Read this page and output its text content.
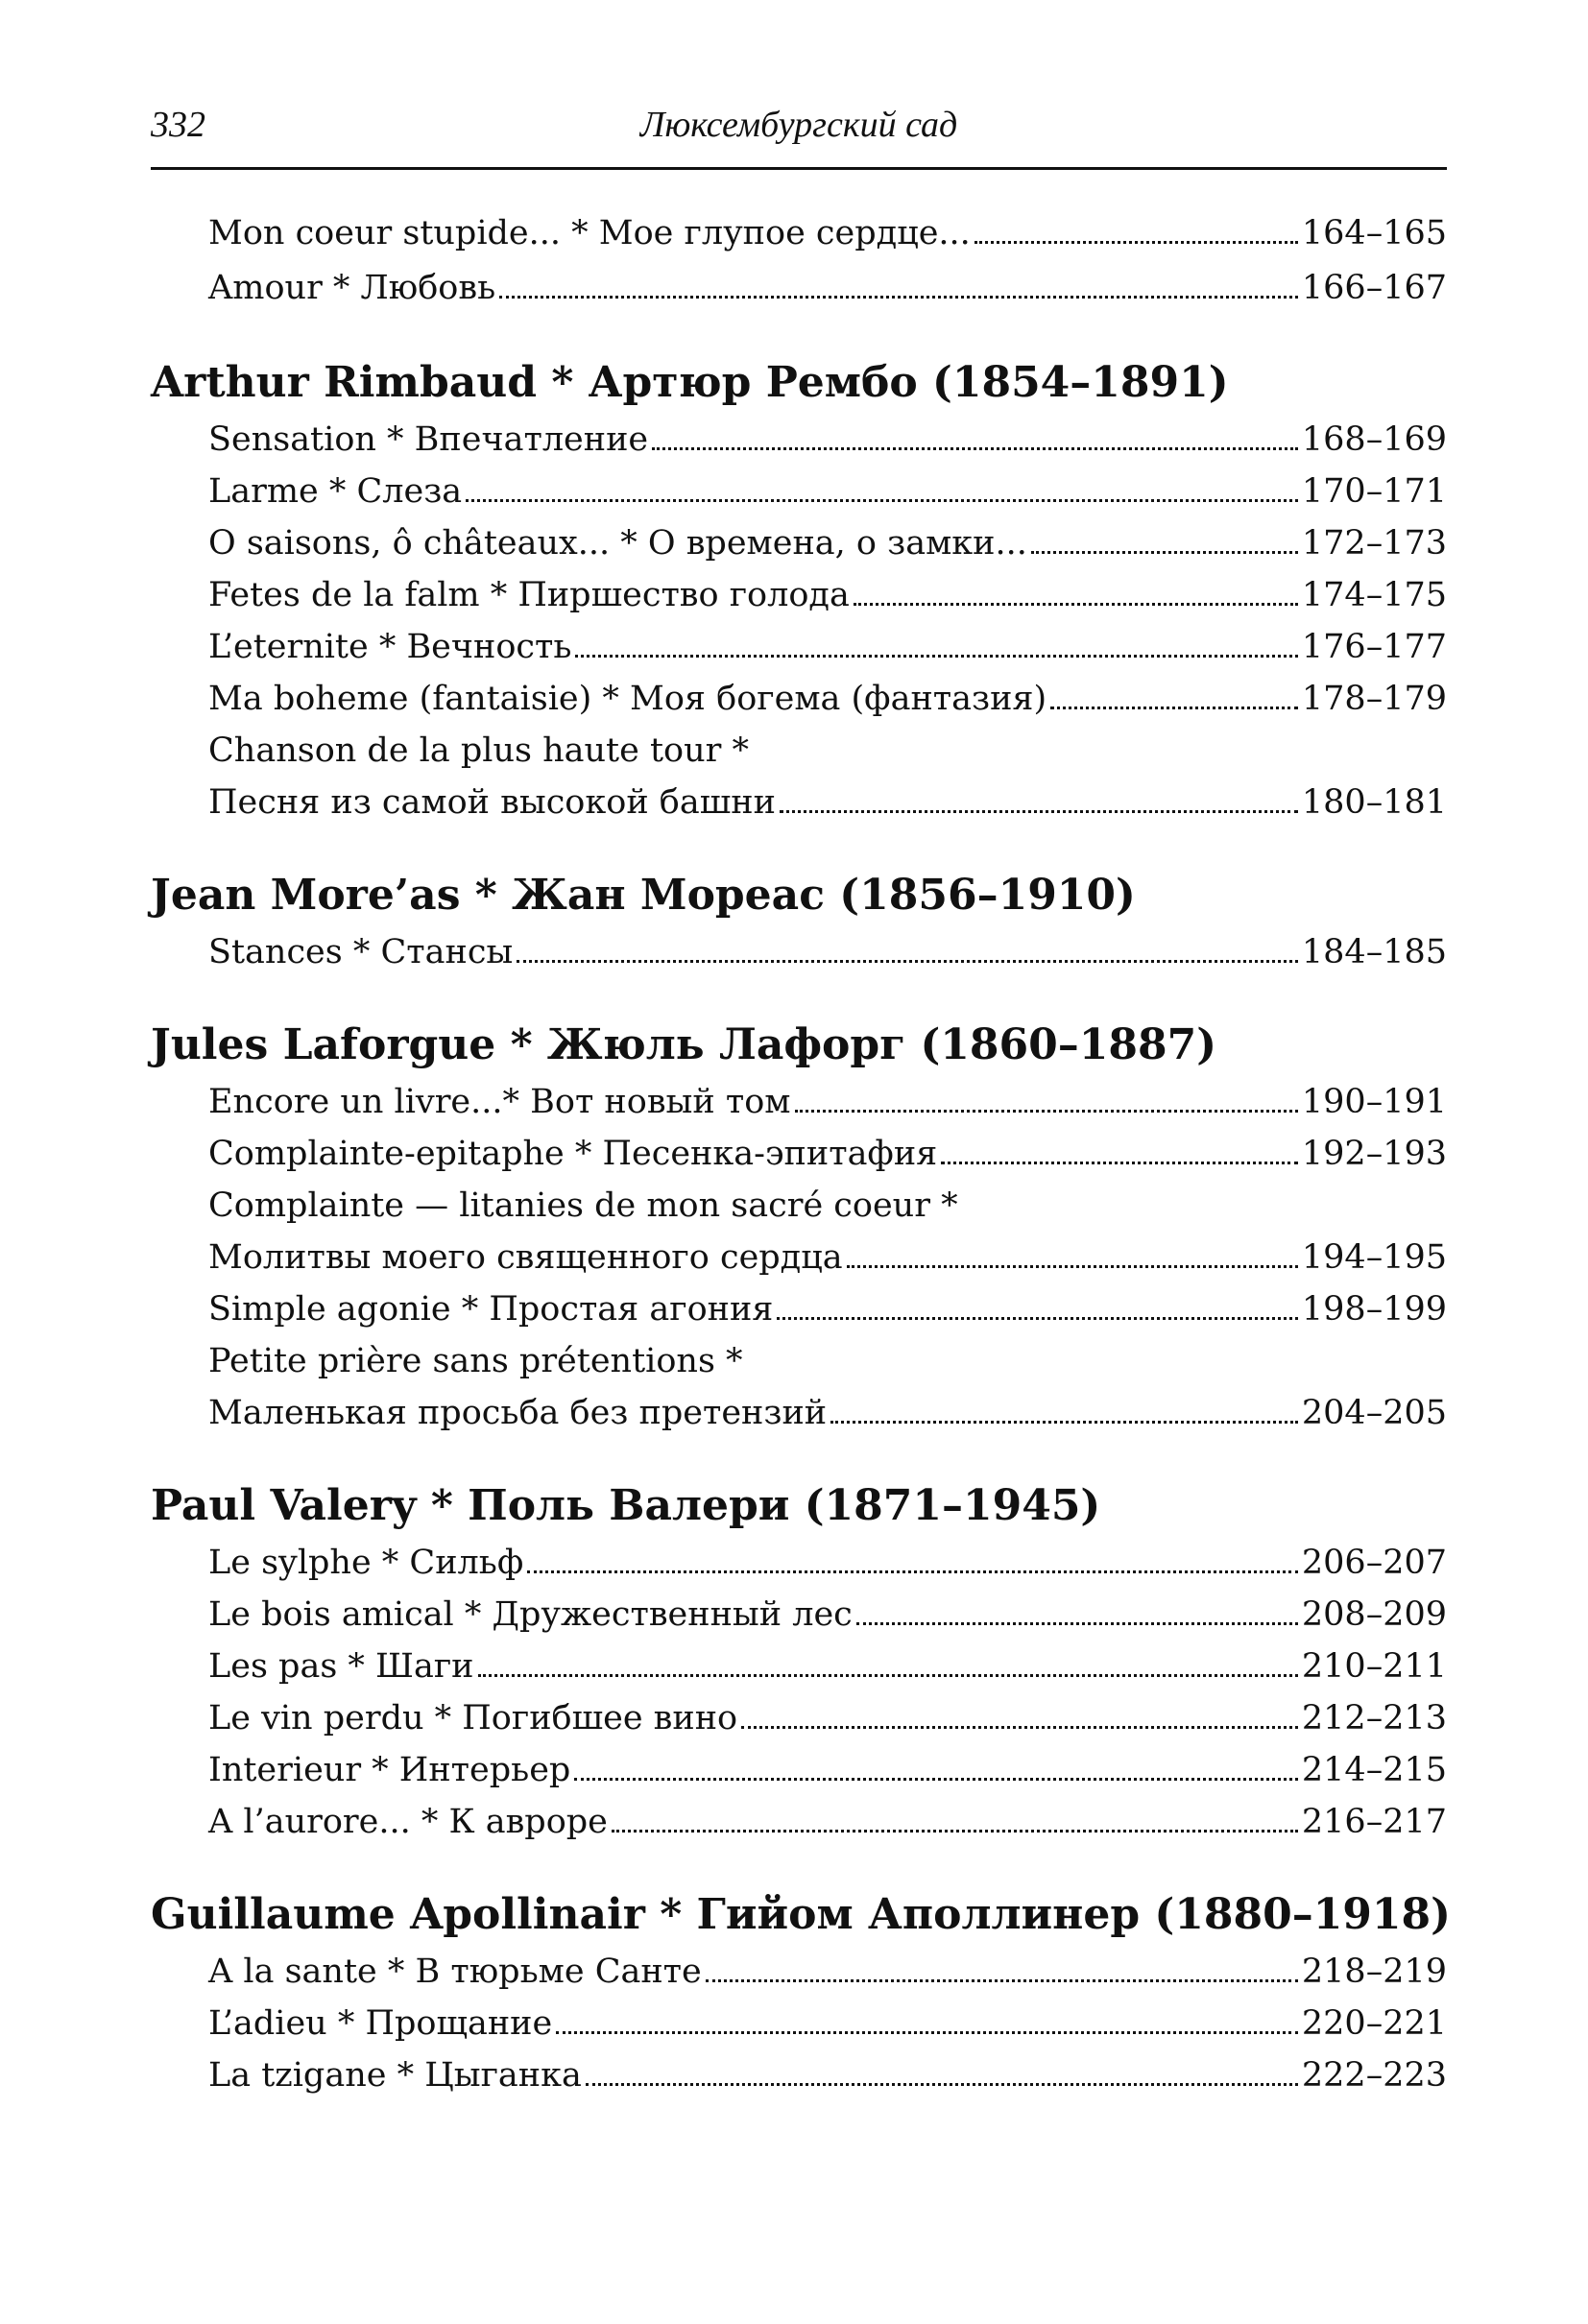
332	Люксембургский сад
Mon coeur stupide... * Мое глупое сердце...	164–165
Amour * Любовь	166–167
Arthur Rimbaud * Артюр Рембо (1854–1891)
Sensation * Впечатление	168–169
Larme * Слеза	170–171
O saisons, ô châteaux... * О времена, о замки...	172–173
Fetes de la falm * Пиршество голода	174–175
L’eternite * Вечность	176–177
Ma boheme (fantaisie) * Моя богема (фантазия)	178–179
Chanson de la plus haute tour *
Песня из самой высокой башни	180–181
Jean More’as * Жан Мореас (1856–1910)
Stances * Стансы	184–185
Jules Laforgue * Жюль Лафорг (1860–1887)
Encore un livre...* Вот новый том	190–191
Complainte-epitaphe * Песенка-эпитафия	192–193
Complainte — litanies de mon sacré coeur *
Молитвы моего священного сердца	194–195
Simple agonie * Простая агония	198–199
Petite prière sans prétentions *
Маленькая просьба без претензий	204–205
Paul Valery * Поль Валери (1871–1945)
Le sylphe * Сильф	206–207
Le bois amical * Дружественный лес	208–209
Les pas * Шаги	210–211
Le vin perdu * Погибшее вино	212–213
Interieur * Интерьер	214–215
A l’aurore... * К авроре	216–217
Guillaume Apollinair * Гийом Аполлинер (1880–1918)
A la sante * В тюрьме Санте	218–219
L’adieu * Прощание	220–221
La tzigane * Цыганка	222–223
